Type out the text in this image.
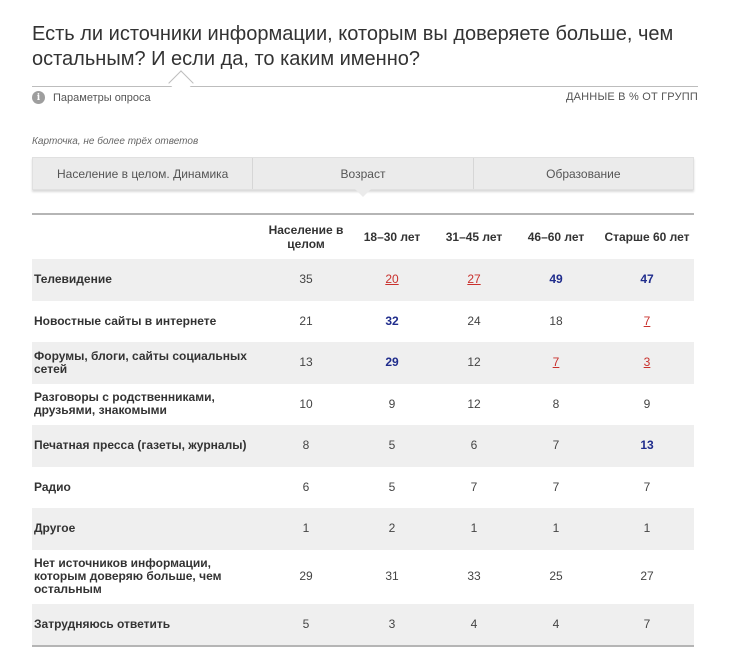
Есть ли источники информации, которым вы доверяете больше, чем остальным? И если да, то каким именно?
i	Параметры опроса	ДАННЫЕ В % ОТ ГРУПП
Карточка, не более трёх ответов
Население в целом. Динамика	Возраст	Образование
	Население в целом	18–30 лет	31–45 лет	46–60 лет	Старше 60 лет
Телевидение	35	20	27	49	47
Новостные сайты в интернете	21	32	24	18	7
Форумы, блоги, сайты социальных сетей	13	29	12	7	3
Разговоры с родственниками, друзьями, знакомыми	10	9	12	8	9
Печатная пресса (газеты, журналы)	8	5	6	7	13
Радио	6	5	7	7	7
Другое	1	2	1	1	1
Нет источников информации, которым доверяю больше, чем остальным	29	31	33	25	27
Затрудняюсь ответить	5	3	4	4	7
